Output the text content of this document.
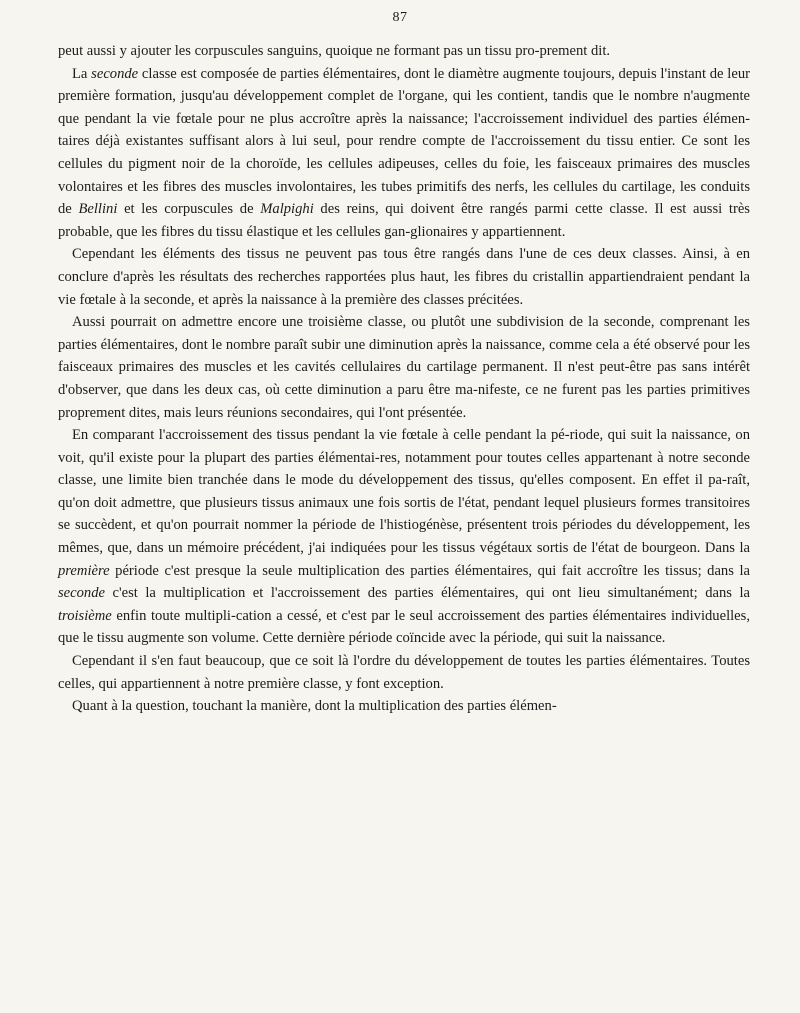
87

peut aussi y ajouter les corpuscules sanguins, quoique ne formant pas un tissu pro-prement dit.

La seconde classe est composée de parties élémentaires, dont le diamètre augmente toujours, depuis l'instant de leur première formation, jusqu'au développement complet de l'organe, qui les contient, tandis que le nombre n'augmente que pendant la vie fœtale pour ne plus accroître après la naissance; l'accroissement individuel des parties élémen-taires déjà existantes suffisant alors à lui seul, pour rendre compte de l'accroissement du tissu entier. Ce sont les cellules du pigment noir de la choroïde, les cellules adipeuses, celles du foie, les faisceaux primaires des muscles volontaires et les fibres des muscles involontaires, les tubes primitifs des nerfs, les cellules du cartilage, les conduits de Bellini et les corpuscules de Malpighi des reins, qui doivent être rangés parmi cette classe. Il est aussi très probable, que les fibres du tissu élastique et les cellules gan-glionaires y appartiennent.

Cependant les éléments des tissus ne peuvent pas tous être rangés dans l'une de ces deux classes. Ainsi, à en conclure d'après les résultats des recherches rapportées plus haut, les fibres du cristallin appartiendraient pendant la vie fœtale à la seconde, et après la naissance à la première des classes précitées.

Aussi pourrait on admettre encore une troisième classe, ou plutôt une subdivision de la seconde, comprenant les parties élémentaires, dont le nombre paraît subir une diminution après la naissance, comme cela a été observé pour les faisceaux primaires des muscles et les cavités cellulaires du cartilage permanent. Il n'est peut-être pas sans intérêt d'observer, que dans les deux cas, où cette diminution a paru être ma-nifeste, ce ne furent pas les parties primitives proprement dites, mais leurs réunions secondaires, qui l'ont présentée.

En comparant l'accroissement des tissus pendant la vie fœtale à celle pendant la pé-riode, qui suit la naissance, on voit, qu'il existe pour la plupart des parties élémentai-res, notamment pour toutes celles appartenant à notre seconde classe, une limite bien tranchée dans le mode du développement des tissus, qu'elles composent. En effet il pa-raît, qu'on doit admettre, que plusieurs tissus animaux une fois sortis de l'état, pendant lequel plusieurs formes transitoires se succèdent, et qu'on pourrait nommer la période de l'histiogénèse, présentent trois périodes du développement, les mêmes, que, dans un mémoire précédent, j'ai indiquées pour les tissus végétaux sortis de l'état de bourgeon. Dans la première période c'est presque la seule multiplication des parties élémentaires, qui fait accroître les tissus; dans la seconde c'est la multiplication et l'accroissement des parties élémentaires, qui ont lieu simultanément; dans la troisième enfin toute multipli-cation a cessé, et c'est par le seul accroissement des parties élémentaires individuelles, que le tissu augmente son volume. Cette dernière période coïncide avec la période, qui suit la naissance.

Cependant il s'en faut beaucoup, que ce soit là l'ordre du développement de toutes les parties élémentaires. Toutes celles, qui appartiennent à notre première classe, y font exception.

Quant à la question, touchant la manière, dont la multiplication des parties élémen-
